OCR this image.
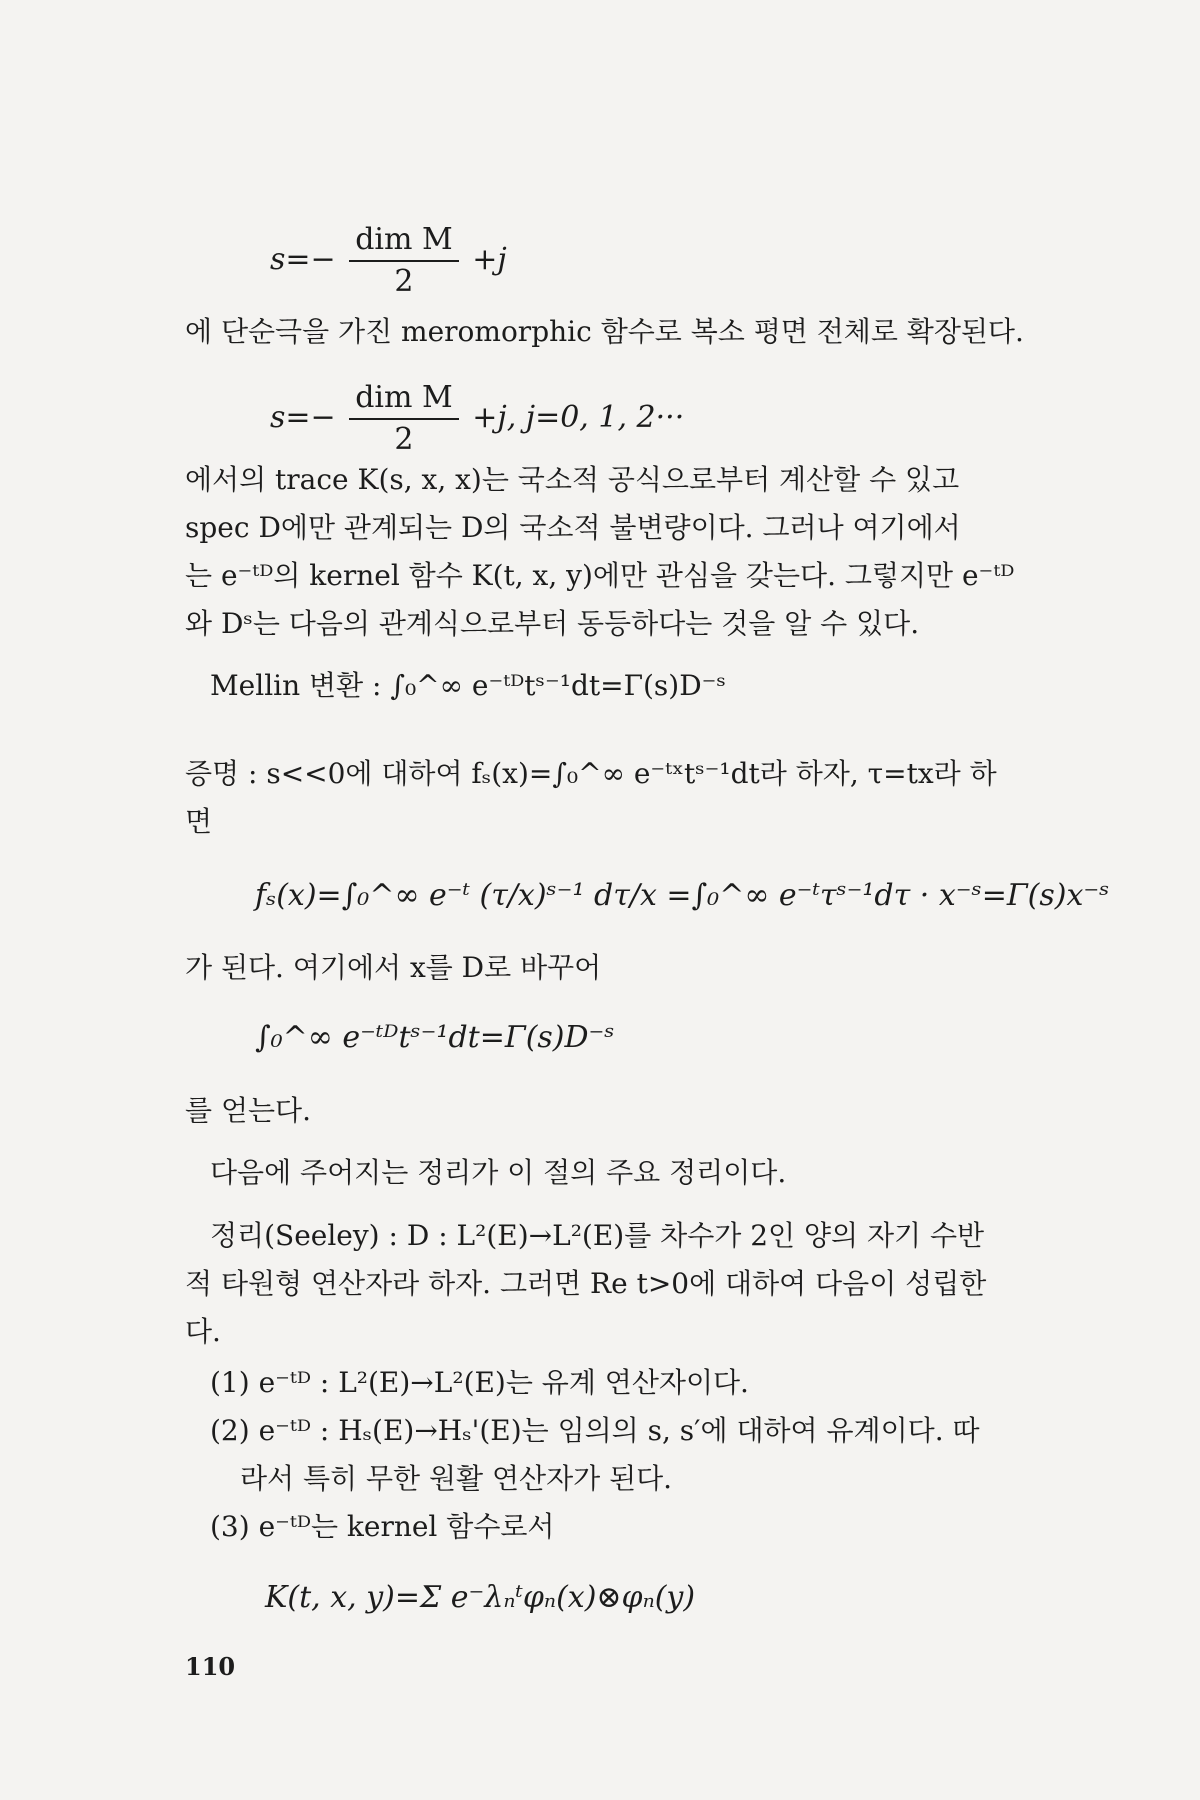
$s=- \frac{\text{dim M}}{2} +j$
에 단순극을 가진 meromorphic 함수로 복소 평면 전체로 확장된다.
$s=- \frac{\text{dim M}}{2} +j$, j=0, 1, 2···
에서의 trace K(s, x, x)는 국소적 공식으로부터 계산할 수 있고
spec D에만 관계되는 D의 국소적 불변량이다. 그러나 여기에서
는 e⁻ᵗᴰ의 kernel 함수 K(t, x, y)에만 관심을 갖는다. 그렇지만 e⁻ᵗᴰ
와 Dˢ는 다음의 관계식으로부터 동등하다는 것을 알 수 있다.
Mellin 변환 : ∫₀^∞ e⁻ᵗᴰtˢ⁻¹dt=Γ(s)D⁻ˢ
증명 : s<<0에 대하여 fₛ(x)=∫₀^∞ e⁻ᵗˣtˢ⁻¹dt라 하자, τ=tx라 하
면
fₛ(x)=∫₀^∞ e⁻ᵗ (τ/x)ˢ⁻¹ dτ/x =∫₀^∞ e⁻ᵗτˢ⁻¹dτ · x⁻ˢ=Γ(s)x⁻ˢ
가 된다. 여기에서 x를 D로 바꾸어
∫₀^∞ e⁻ᵗᴰtˢ⁻¹dt=Γ(s)D⁻ˢ
를 얻는다.
다음에 주어지는 정리가 이 절의 주요 정리이다.
정리(Seeley) : D : L²(E)→L²(E)를 차수가 2인 양의 자기 수반
적 타원형 연산자라 하자. 그러면 Re t>0에 대하여 다음이 성립한
다.
(1) e⁻ᵗᴰ : L²(E)→L²(E)는 유계 연산자이다.
(2) e⁻ᵗᴰ : Hₛ(E)→Hₛ'(E)는 임의의 s, s′에 대하여 유계이다. 따
라서 특히 무한 원활 연산자가 된다.
(3) e⁻ᵗᴰ는 kernel 함수로서
K(t, x, y)=Σ e⁻λₙᵗφₙ(x)⊗φₙ(y)
110
